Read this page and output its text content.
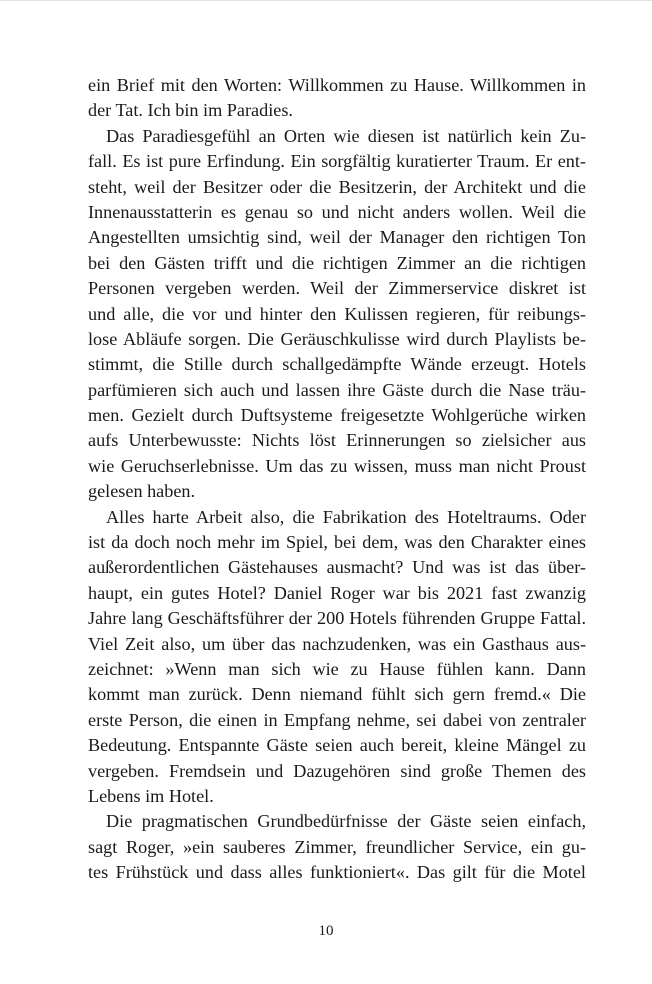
ein Brief mit den Worten: Willkommen zu Hause. Willkommen in
der Tat. Ich bin im Paradies.
Das Paradiesgefühl an Orten wie diesen ist natürlich kein Zu-
fall. Es ist pure Erfindung. Ein sorgfältig kuratierter Traum. Er ent-
steht, weil der Besitzer oder die Besitzerin, der Architekt und die
Innenausstatterin es genau so und nicht anders wollen. Weil die
Angestellten umsichtig sind, weil der Manager den richtigen Ton
bei den Gästen trifft und die richtigen Zimmer an die richtigen
Personen vergeben werden. Weil der Zimmerservice diskret ist
und alle, die vor und hinter den Kulissen regieren, für reibungs-
lose Abläufe sorgen. Die Geräuschkulisse wird durch Playlists be-
stimmt, die Stille durch schallgedämpfte Wände erzeugt. Hotels
parfümieren sich auch und lassen ihre Gäste durch die Nase träu-
men. Gezielt durch Duftsysteme freigesetzte Wohlgerüche wirken
aufs Unterbewusste: Nichts löst Erinnerungen so zielsicher aus
wie Geruchserlebnisse. Um das zu wissen, muss man nicht Proust
gelesen haben.
Alles harte Arbeit also, die Fabrikation des Hoteltraums. Oder
ist da doch noch mehr im Spiel, bei dem, was den Charakter eines
außerordentlichen Gästehauses ausmacht? Und was ist das über-
haupt, ein gutes Hotel? Daniel Roger war bis 2021 fast zwanzig
Jahre lang Geschäftsführer der 200 Hotels führenden Gruppe Fattal.
Viel Zeit also, um über das nachzudenken, was ein Gasthaus aus-
zeichnet: »Wenn man sich wie zu Hause fühlen kann. Dann
kommt man zurück. Denn niemand fühlt sich gern fremd.« Die
erste Person, die einen in Empfang nehme, sei dabei von zentraler
Bedeutung. Entspannte Gäste seien auch bereit, kleine Mängel zu
vergeben. Fremdsein und Dazugehören sind große Themen des
Lebens im Hotel.
Die pragmatischen Grundbedürfnisse der Gäste seien einfach,
sagt Roger, »ein sauberes Zimmer, freundlicher Service, ein gu-
tes Frühstück und dass alles funktioniert«. Das gilt für die Motel
10
